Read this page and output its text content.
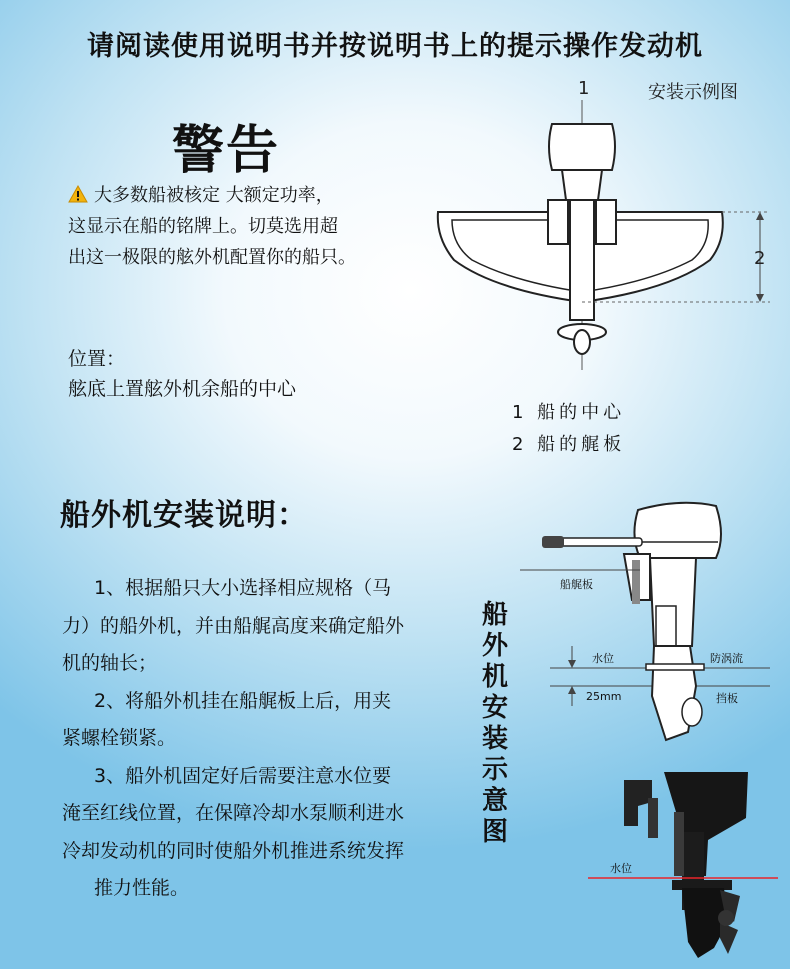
请阅读使用说明书并按说明书上的提示操作发动机
安装示例图
警告
大多数船被核定 大额定功率，
这显示在船的铭牌上。切莫选用超
出这一极限的舷外机配置你的船只。
位置：
舷底上置舷外机余船的中心
1
2
1 船的中心
2 船的艉板
船外机安装说明：

1、根据船只大小选择相应规格（马

力）的船外机，并由船艉高度来确定船外
机的轴长；

2、将船外机挂在船艉板上后，用夹

紧螺栓锁紧。

3、船外机固定好后需要注意水位要

淹至红线位置，在保障冷却水泵顺利进水
冷却发动机的同时使船外机推进系统发挥

推力性能。

船外机安装示意图
船艉板
水位	防涡流
挡板
25mm
水位
